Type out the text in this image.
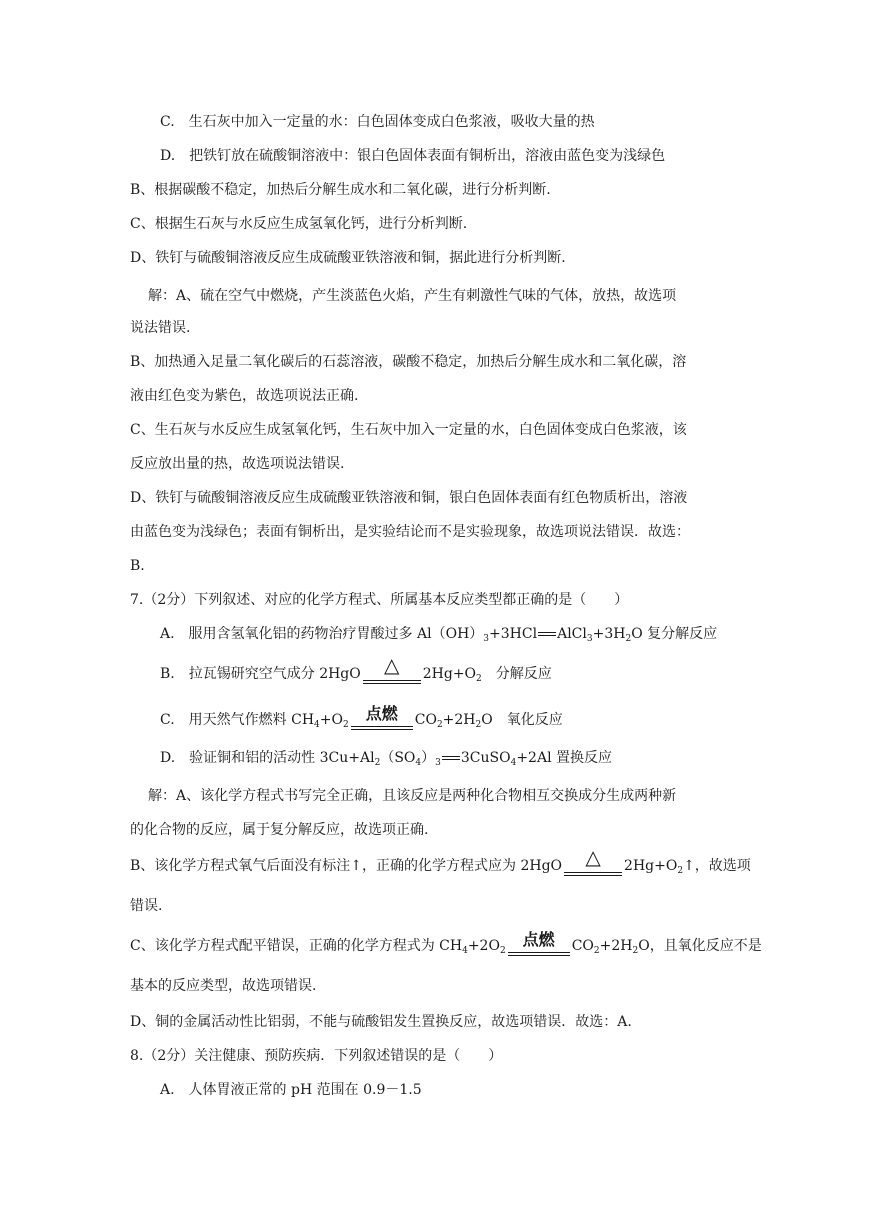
C.　生石灰中加入一定量的水：白色固体变成白色浆液，吸收大量的热
D.　把铁钉放在硫酸铜溶液中：银白色固体表面有铜析出，溶液由蓝色变为浅绿色
B、根据碳酸不稳定，加热后分解生成水和二氧化碳，进行分析判断.
C、根据生石灰与水反应生成氢氧化钙，进行分析判断.
D、铁钉与硫酸铜溶液反应生成硫酸亚铁溶液和铜，据此进行分析判断.
解：A、硫在空气中燃烧，产生淡蓝色火焰，产生有刺激性气味的气体，放热，故选项
说法错误.
B、加热通入足量二氧化碳后的石蕊溶液，碳酸不稳定，加热后分解生成水和二氧化碳，溶
液由红色变为紫色，故选项说法正确.
C、生石灰与水反应生成氢氧化钙，生石灰中加入一定量的水，白色固体变成白色浆液，该
反应放出量的热，故选项说法错误.
D、铁钉与硫酸铜溶液反应生成硫酸亚铁溶液和铜，银白色固体表面有红色物质析出，溶液
由蓝色变为浅绿色；表面有铜析出，是实验结论而不是实验现象，故选项说法错误．故选：
B.
7.（2分）下列叙述、对应的化学方程式、所属基本反应类型都正确的是（　　）
A.　服用含氢氧化铝的药物治疗胃酸过多 $Al(OH)_3+3HCl$ $AlCl_3+3H_2O$ 复分解反应
B.　拉瓦锡研究空气成分 2HgO △ $2Hg+O_2$　分解反应
C.　用天然气作燃料 $CH_4+O_2$
点燃	$CO_2+2H_2O$　氧化反应
D.　验证铜和铝的活动性 $3Cu+Al_2(SO_4)_3$ 3CuSO$_4$+2Al 置换反应
解：A、该化学方程式书写完全正确，且该反应是两种化合物相互交换成分生成两种新
的化合物的反应，属于复分解反应，故选项正确.
B、该化学方程式氧气后面没有标注↑，正确的化学方程式应为 2HgO △ $2Hg+O_2↑$，故选项
错误.
C、该化学方程式配平错误，正确的化学方程式为 $CH_4+2O_2$
点燃	$CO_2+2H_2O$，且氧化反应不是
基本的反应类型，故选项错误.
D、铜的金属活动性比铝弱，不能与硫酸铝发生置换反应，故选项错误．故选：A.
8.（2分）关注健康、预防疾病．下列叙述错误的是（　　）
A.　人体胃液正常的 pH 范围在 0.9－1.5
